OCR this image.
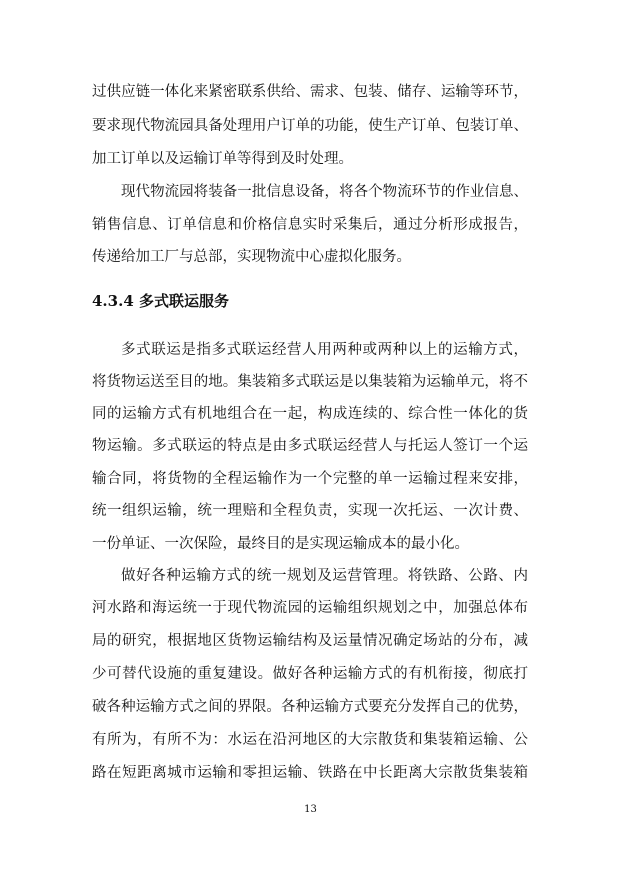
过供应链一体化来紧密联系供给、需求、包装、储存、运输等环节，
要求现代物流园具备处理用户订单的功能，使生产订单、包装订单、
加工订单以及运输订单等得到及时处理。
现代物流园将装备一批信息设备，将各个物流环节的作业信息、
销售信息、订单信息和价格信息实时采集后，通过分析形成报告，
传递给加工厂与总部，实现物流中心虚拟化服务。
4.3.4 多式联运服务
多式联运是指多式联运经营人用两种或两种以上的运输方式，
将货物运送至目的地。集装箱多式联运是以集装箱为运输单元，将不
同的运输方式有机地组合在一起，构成连续的、综合性一体化的货
物运输。多式联运的特点是由多式联运经营人与托运人签订一个运
输合同，将货物的全程运输作为一个完整的单一运输过程来安排，
统一组织运输，统一理赔和全程负责，实现一次托运、一次计费、
一份单证、一次保险，最终目的是实现运输成本的最小化。
做好各种运输方式的统一规划及运营管理。将铁路、公路、内
河水路和海运统一于现代物流园的运输组织规划之中，加强总体布
局的研究，根据地区货物运输结构及运量情况确定场站的分布，减
少可替代设施的重复建设。做好各种运输方式的有机衔接，彻底打
破各种运输方式之间的界限。各种运输方式要充分发挥自己的优势，
有所为，有所不为：水运在沿河地区的大宗散货和集装箱运输、公
路在短距离城市运输和零担运输、铁路在中长距离大宗散货集装箱
13
